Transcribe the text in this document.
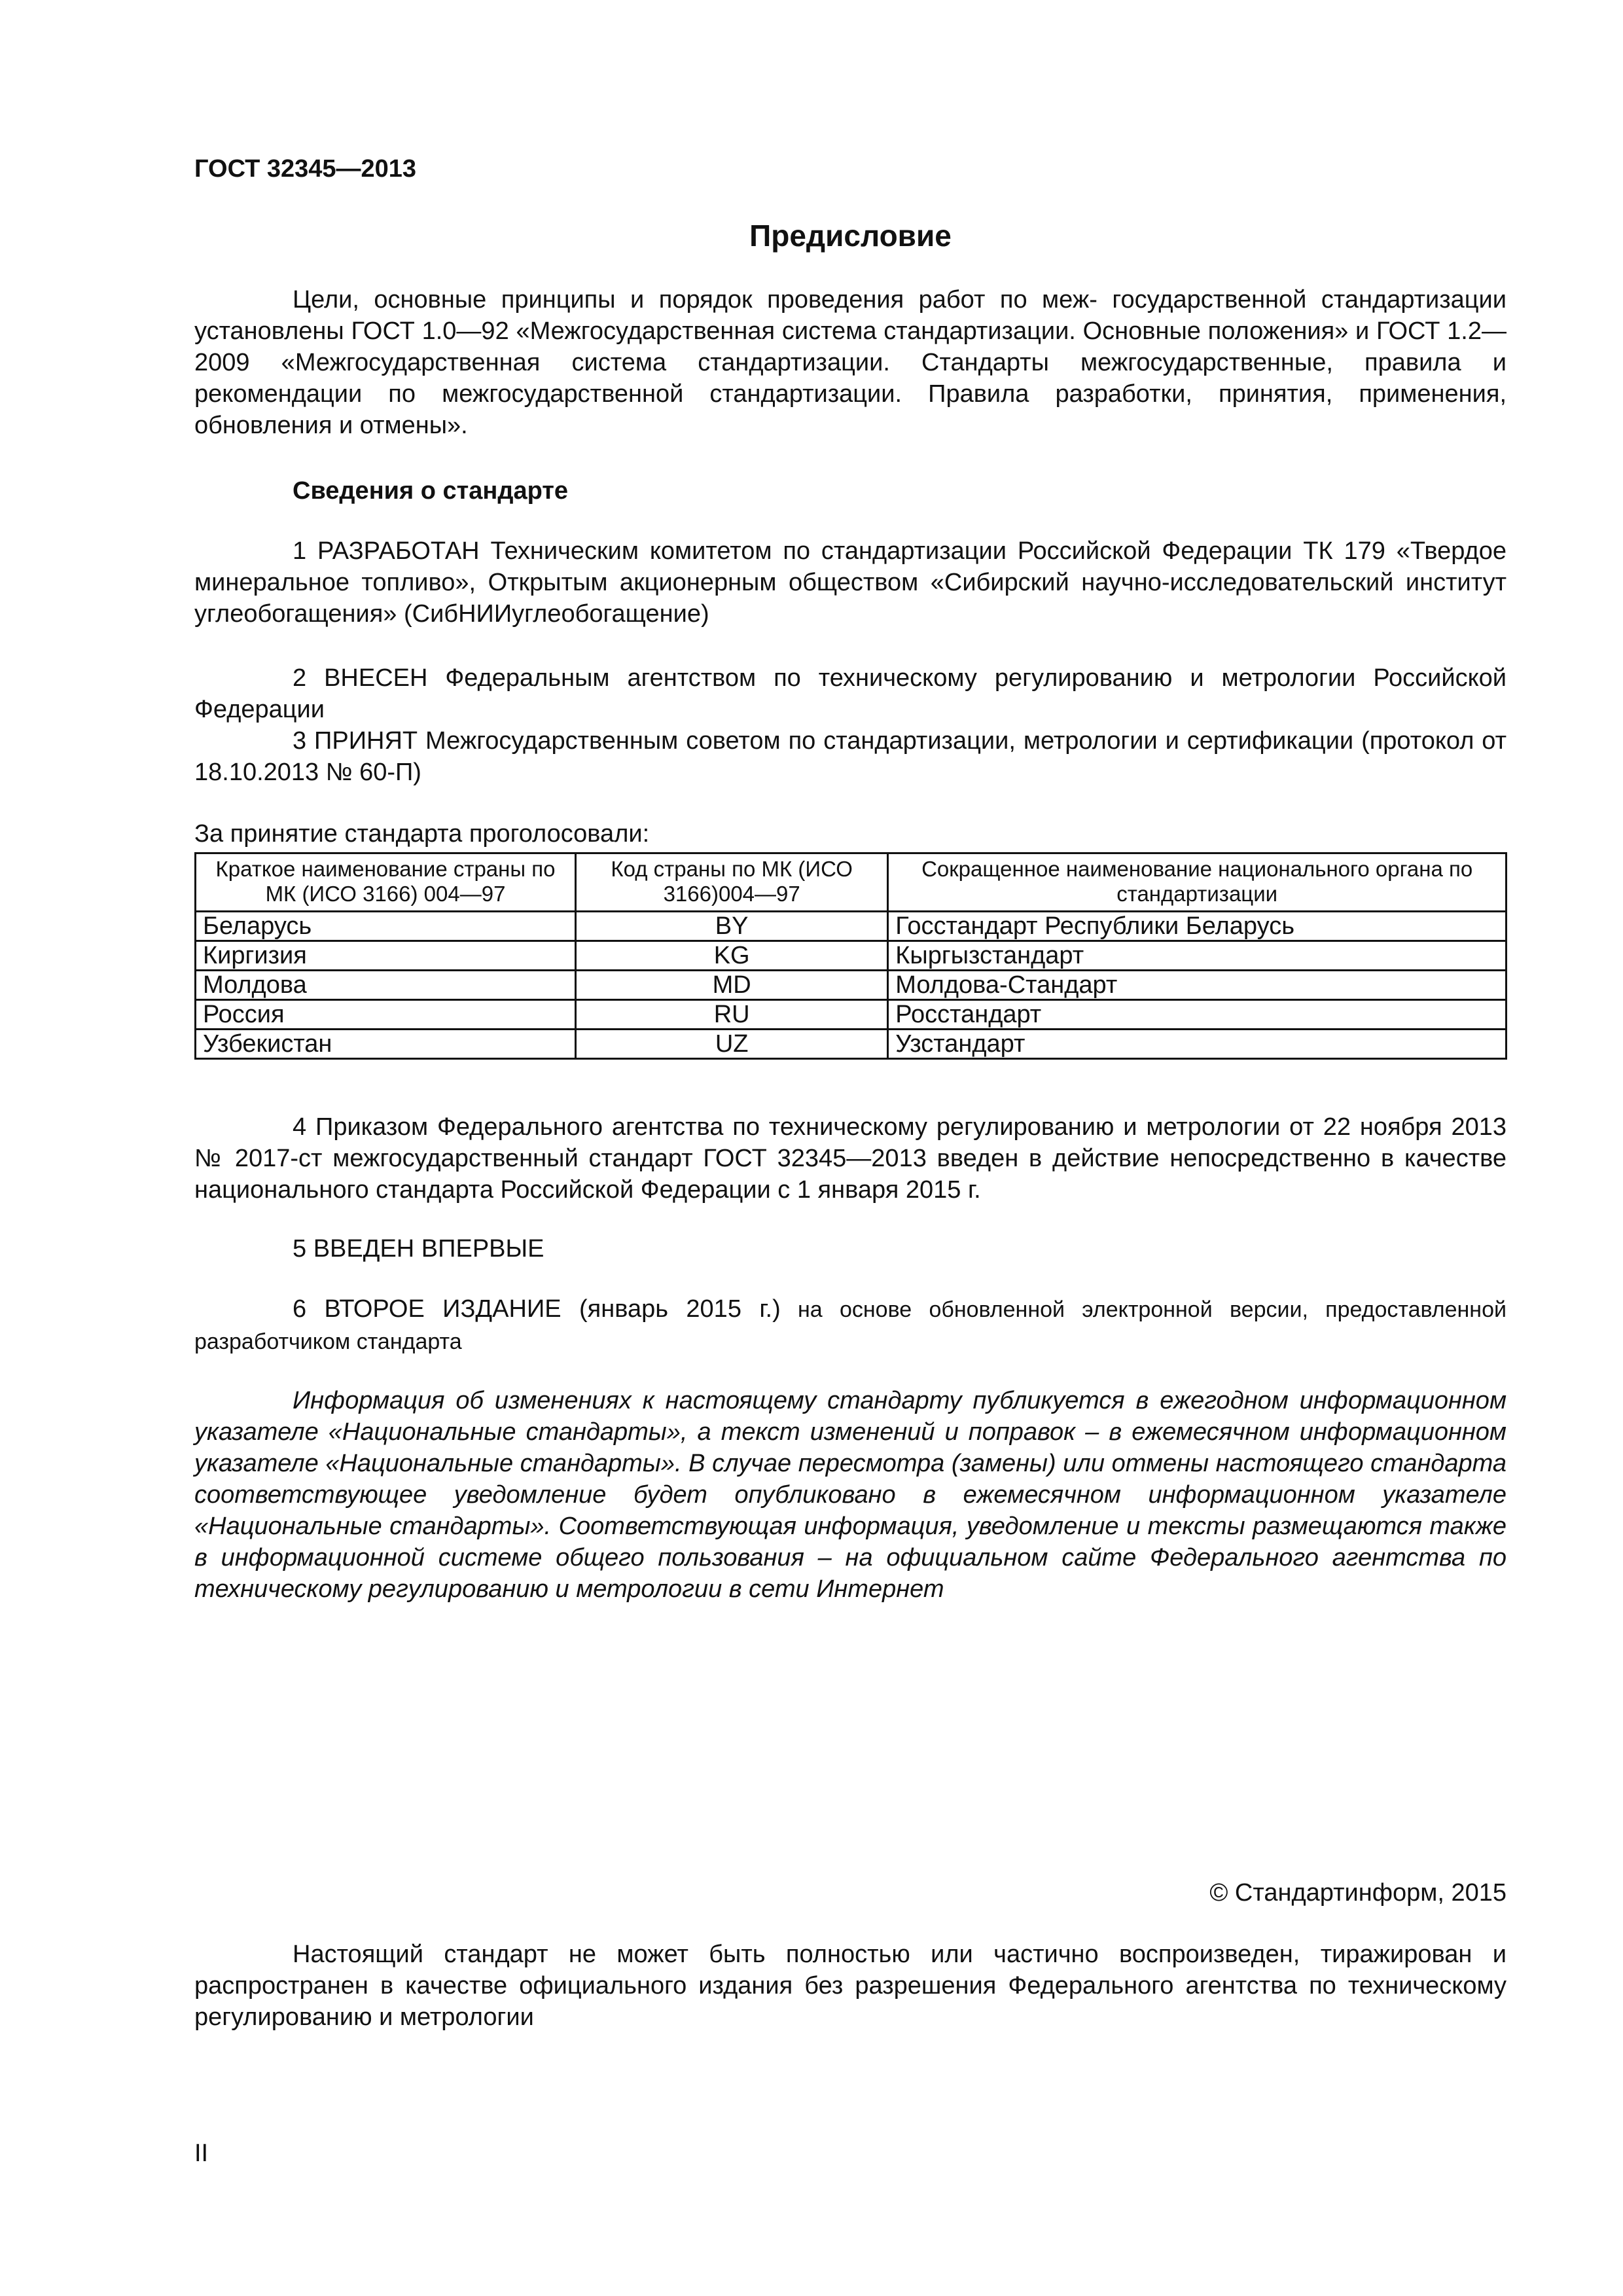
ГОСТ 32345—2013
Предисловие

Цели, основные принципы и порядок проведения работ по меж- государственной стандартизации установлены ГОСТ 1.0—92 «Межгосударственная система стандартизации. Основные положения» и ГОСТ 1.2—2009 «Межгосударственная система стандартизации. Стандарты межгосударственные, правила и рекомендации по межгосударственной стандартизации. Правила разработки, принятия, применения, обновления и отмены».

Сведения о стандарте

1 РАЗРАБОТАН Техническим комитетом по стандартизации Российской Федерации ТК 179 «Твердое минеральное топливо», Открытым акционерным обществом «Сибирский научно-исследовательский институт углеобогащения» (СибНИИуглеобогащение)

2 ВНЕСЕН Федеральным агентством по техническому регулированию и метрологии Российской Федерации

3 ПРИНЯТ Межгосударственным советом по стандартизации, метрологии и сертификации (протокол от 18.10.2013 № 60-П)

За принятие стандарта проголосовали:
Краткое наименование страны по МК (ИСО 3166) 004—97	Код страны по МК (ИСО 3166)004—97	Сокращенное наименование национального органа по стандартизации
Беларусь	BY	Госстандарт Республики Беларусь
Киргизия	KG	Кыргызстандарт
Молдова	MD	Молдова-Стандарт
Россия	RU	Росстандарт
Узбекистан	UZ	Узстандарт

4 Приказом Федерального агентства по техническому регулированию и метрологии от 22 ноября 2013 № 2017-ст межгосударственный стандарт ГОСТ 32345—2013 введен в действие непосредственно в качестве национального стандарта Российской Федерации с 1 января 2015 г.

5 ВВЕДЕН ВПЕРВЫЕ

6 ВТОРОЕ ИЗДАНИЕ (январь 2015 г.) на основе обновленной электронной версии, предоставленной разработчиком стандарта

Информация об изменениях к настоящему стандарту публикуется в ежегодном информационном указателе «Национальные стандарты», а текст изменений и поправок – в ежемесячном информационном указателе «Национальные стандарты». В случае пересмотра (замены) или отмены настоящего стандарта соответствующее уведомление будет опубликовано в ежемесячном информационном указателе «Национальные стандарты». Соответствующая информация, уведомление и тексты размещаются также в информационной системе общего пользования – на официальном сайте Федерального агентства по техническому регулированию и метрологии в сети Интернет

© Стандартинформ, 2015

Настоящий стандарт не может быть полностью или частично воспроизведен, тиражирован и распространен в качестве официального издания без разрешения Федерального агентства по техническому регулированию и метрологии

II
